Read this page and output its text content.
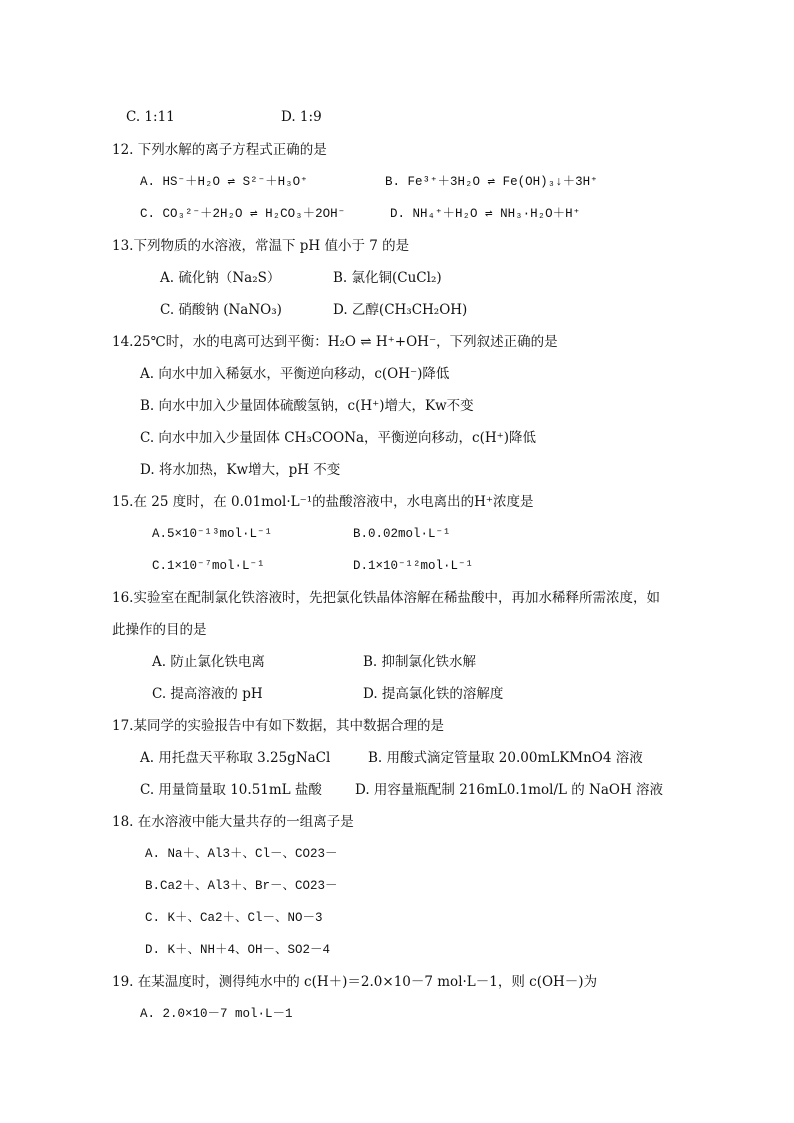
C. 1:11	D. 1:9
12. 下列水解的离子方程式正确的是
A. HS⁻＋H₂O ⇌ S²⁻＋H₃O⁺	B. Fe³⁺＋3H₂O ⇌ Fe(OH)₃↓＋3H⁺
C. CO₃²⁻＋2H₂O ⇌ H₂CO₃＋2OH⁻	D. NH₄⁺＋H₂O ⇌ NH₃·H₂O＋H⁺
13.下列物质的水溶液，常温下 pH 值小于 7 的是
A. 硫化钠（Na₂S）	B. 氯化铜(CuCl₂)
C. 硝酸钠 (NaNO₃)	D. 乙醇(CH₃CH₂OH)
14.25℃时，水的电离可达到平衡：H₂O ⇌ H⁺+OH⁻，下列叙述正确的是
A. 向水中加入稀氨水，平衡逆向移动，c(OH⁻)降低
B. 向水中加入少量固体硫酸氢钠，c(H⁺)增大，Kw不变
C. 向水中加入少量固体 CH₃COONa，平衡逆向移动，c(H⁺)降低
D. 将水加热，Kw增大，pH 不变
15.在 25 度时，在 0.01mol·L⁻¹的盐酸溶液中，水电离出的H⁺浓度是
A.5×10⁻¹³mol·L⁻¹	B.0.02mol·L⁻¹
C.1×10⁻⁷mol·L⁻¹	D.1×10⁻¹²mol·L⁻¹
16.实验室在配制氯化铁溶液时，先把氯化铁晶体溶解在稀盐酸中，再加水稀释所需浓度，如
此操作的目的是
A. 防止氯化铁电离	B. 抑制氯化铁水解
C. 提高溶液的 pH	D. 提高氯化铁的溶解度
17.某同学的实验报告中有如下数据，其中数据合理的是
A. 用托盘天平称取 3.25gNaCl	B. 用酸式滴定管量取 20.00mLKMnO4 溶液
C. 用量筒量取 10.51mL 盐酸 D. 用容量瓶配制 216mL0.1mol/L 的 NaOH 溶液
18. 在水溶液中能大量共存的一组离子是
A. Na＋、Al3＋、Cl－、CO23－
B.Ca2＋、Al3＋、Br－、CO23－
C. K＋、Ca2＋、Cl－、NO－3
D. K＋、NH＋4、OH－、SO2－4
19. 在某温度时，测得纯水中的 c(H＋)＝2.0×10－7 mol·L－1，则 c(OH－)为
A. 2.0×10－7 mol·L－1
